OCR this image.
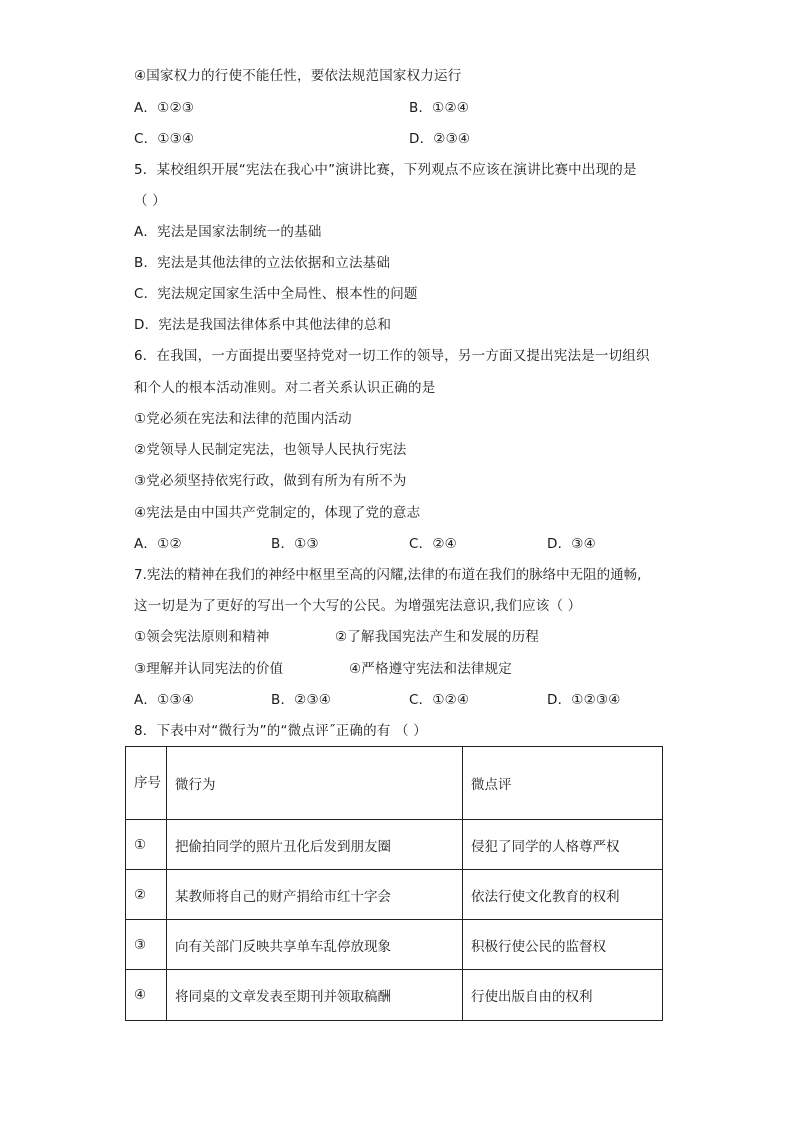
④国家权力的行使不能任性，要依法规范国家权力运行
A．①②③	B．①②④
C．①③④	D．②③④
5．某校组织开展“宪法在我心中”演讲比赛，下列观点不应该在演讲比赛中出现的是
（ ）
A．宪法是国家法制统一的基础
B．宪法是其他法律的立法依据和立法基础
C．宪法规定国家生活中全局性、根本性的问题
D．宪法是我国法律体系中其他法律的总和
6．在我国，一方面提出要坚持党对一切工作的领导，另一方面又提出宪法是一切组织
和个人的根本活动准则。对二者关系认识正确的是
①党必须在宪法和法律的范围内活动
②党领导人民制定宪法，也领导人民执行宪法
③党必须坚持依宪行政，做到有所为有所不为
④宪法是由中国共产党制定的，体现了党的意志
A．①②	B．①③	C．②④	D．③④
7.宪法的精神在我们的神经中枢里至高的闪耀,法律的布道在我们的脉络中无阻的通畅,
这一切是为了更好的写出一个大写的公民。为增强宪法意识,我们应该（ ）
①领会宪法原则和精神	②了解我国宪法产生和发展的历程
③理解并认同宪法的价值	④严格遵守宪法和法律规定
A．①③④	B．②③④	C．①②④	D．①②③④
8．下表中对“微行为”的“微点评˝正确的有 （ ）
序号	微行为	微点评
①	把偷拍同学的照片丑化后发到朋友圈	侵犯了同学的人格尊严权
②	某教师将自己的财产捐给市红十字会	依法行使文化教育的权利
③	向有关部门反映共享单车乱停放现象	积极行使公民的监督权
④	将同桌的文章发表至期刊并领取稿酬	行使出版自由的权利
